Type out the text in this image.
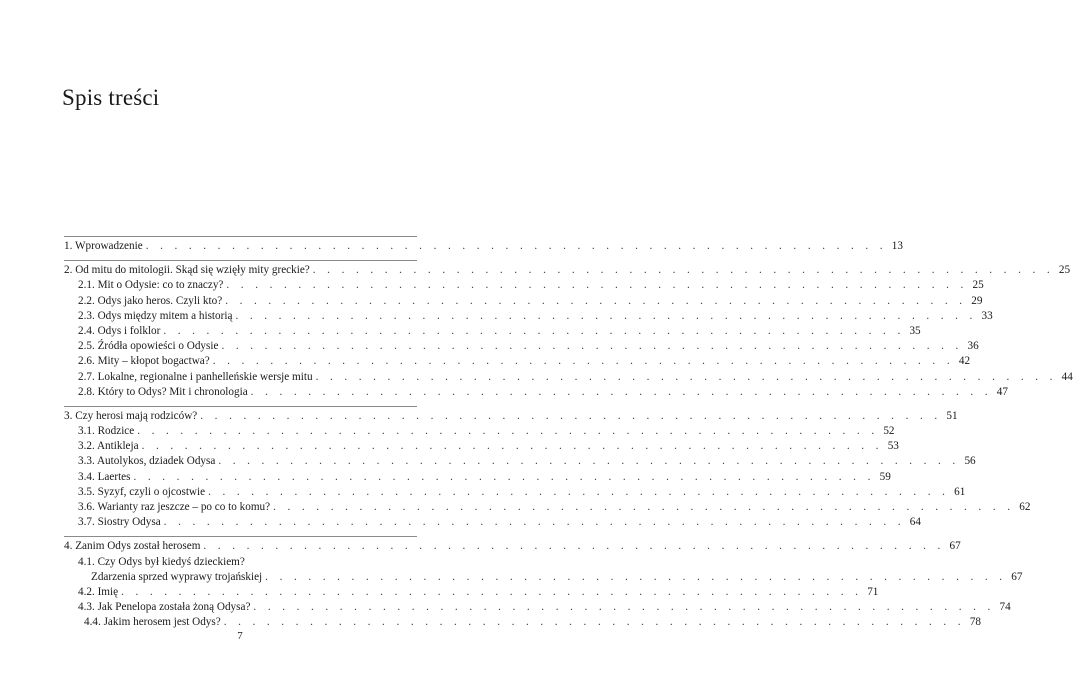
Spis treści
1. Wprowadzenie . . . . . . . . . . . . . . . . . . . . . . . . . . . . . . . . . . . . . . . . . . . . . . . . . . . . 13
2. Od mitu do mitologii. Skąd się wzięły mity greckie? . . . . . . . . . . . . . . . . . . . . . . . . . . . . . . . . . . . . . . . . . . . . . . . . . . . . 25
2.1. Mit o Odysie: co to znaczy? . . . . . . . . . . . . . . . . . . . . . . . . . . . . . . . . . . . . . . . . . . . . . . . . . . . . 25
2.2. Odys jako heros. Czyli kto? . . . . . . . . . . . . . . . . . . . . . . . . . . . . . . . . . . . . . . . . . . . . . . . . . . . . 29
2.3. Odys między mitem a historią . . . . . . . . . . . . . . . . . . . . . . . . . . . . . . . . . . . . . . . . . . . . . . . . . . . . 33
2.4. Odys i folklor . . . . . . . . . . . . . . . . . . . . . . . . . . . . . . . . . . . . . . . . . . . . . . . . . . . . 35
2.5. Źródła opowieści o Odysie . . . . . . . . . . . . . . . . . . . . . . . . . . . . . . . . . . . . . . . . . . . . . . . . . . . . 36
2.6. Mity – kłopot bogactwa? . . . . . . . . . . . . . . . . . . . . . . . . . . . . . . . . . . . . . . . . . . . . . . . . . . . . 42
2.7. Lokalne, regionalne i panhelleńskie wersje mitu . . . . . . . . . . . . . . . . . . . . . . . . . . . . . . . . . . . . . . . . . . . . . . . . . . . . 44
2.8. Który to Odys? Mit i chronologia . . . . . . . . . . . . . . . . . . . . . . . . . . . . . . . . . . . . . . . . . . . . . . . . . . . . 47
3. Czy herosi mają rodziców? . . . . . . . . . . . . . . . . . . . . . . . . . . . . . . . . . . . . . . . . . . . . . . . . . . . . 51
3.1. Rodzice . . . . . . . . . . . . . . . . . . . . . . . . . . . . . . . . . . . . . . . . . . . . . . . . . . . . 52
3.2. Antikleja . . . . . . . . . . . . . . . . . . . . . . . . . . . . . . . . . . . . . . . . . . . . . . . . . . . . 53
3.3. Autolykos, dziadek Odysa . . . . . . . . . . . . . . . . . . . . . . . . . . . . . . . . . . . . . . . . . . . . . . . . . . . . 56
3.4. Laertes . . . . . . . . . . . . . . . . . . . . . . . . . . . . . . . . . . . . . . . . . . . . . . . . . . . . 59
3.5. Syzyf, czyli o ojcostwie . . . . . . . . . . . . . . . . . . . . . . . . . . . . . . . . . . . . . . . . . . . . . . . . . . . . 61
3.6. Warianty raz jeszcze – po co to komu? . . . . . . . . . . . . . . . . . . . . . . . . . . . . . . . . . . . . . . . . . . . . . . . . . . . . 62
3.7. Siostry Odysa . . . . . . . . . . . . . . . . . . . . . . . . . . . . . . . . . . . . . . . . . . . . . . . . . . . . 64
4. Zanim Odys został herosem . . . . . . . . . . . . . . . . . . . . . . . . . . . . . . . . . . . . . . . . . . . . . . . . . . . . 67
4.1. Czy Odys był kiedyś dzieckiem?
Zdarzenia sprzed wyprawy trojańskiej . . . . . . . . . . . . . . . . . . . . . . . . . . . . . . . . . . . . . . . . . . . . . . . . . . . . 67
4.2. Imię . . . . . . . . . . . . . . . . . . . . . . . . . . . . . . . . . . . . . . . . . . . . . . . . . . . . 71
4.3. Jak Penelopa została żoną Odysa? . . . . . . . . . . . . . . . . . . . . . . . . . . . . . . . . . . . . . . . . . . . . . . . . . . . . 74
4.4. Jakim herosem jest Odys? . . . . . . . . . . . . . . . . . . . . . . . . . . . . . . . . . . . . . . . . . . . . . . . . . . . . 78
7
